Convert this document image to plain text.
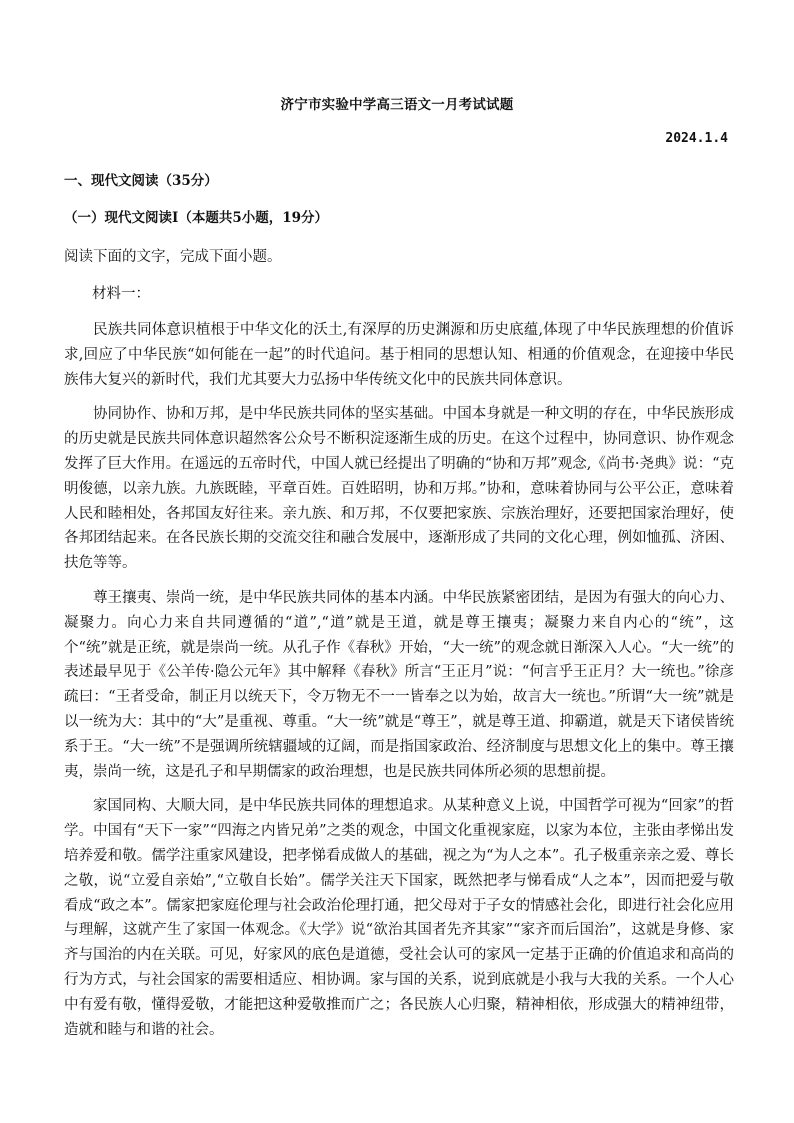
济宁市实验中学高三语文一月考试试题
2024.1.4
一、现代文阅读（35分）
（一）现代文阅读Ⅰ（本题共5小题，19分）
阅读下面的文字，完成下面小题。
材料一：

民族共同体意识植根于中华文化的沃土,有深厚的历史渊源和历史底蕴,体现了中华民族理想的价值诉求,回应了中华民族“如何能在一起”的时代追问。基于相同的思想认知、相通的价值观念，在迎接中华民族伟大复兴的新时代，我们尤其要大力弘扬中华传统文化中的民族共同体意识。

协同协作、协和万邦，是中华民族共同体的坚实基础。中国本身就是一种文明的存在，中华民族形成的历史就是民族共同体意识超然客公众号不断积淀逐渐生成的历史。在这个过程中，协同意识、协作观念发挥了巨大作用。在遥远的五帝时代，中国人就已经提出了明确的“协和万邦”观念,《尚书·尧典》说：“克明俊德，以亲九族。九族既睦，平章百姓。百姓昭明，协和万邦。”协和，意味着协同与公平公正，意味着人民和睦相处，各邦国友好往来。亲九族、和万邦，不仅要把家族、宗族治理好，还要把国家治理好，使各邦团结起来。在各民族长期的交流交往和融合发展中，逐渐形成了共同的文化心理，例如恤孤、济困、扶危等等。

尊王攘夷、崇尚一统，是中华民族共同体的基本内涵。中华民族紧密团结，是因为有强大的向心力、凝聚力。向心力来自共同遵循的“道”,“道”就是王道，就是尊王攘夷；凝聚力来自内心的“统”，这个“统”就是正统，就是崇尚一统。从孔子作《春秋》开始，“大一统”的观念就日渐深入人心。“大一统”的表述最早见于《公羊传·隐公元年》其中解释《春秋》所言“王正月”说：“何言乎王正月？大一统也。”徐彦疏曰：“王者受命，制正月以统天下，令万物无不一一皆奉之以为始，故言大一统也。”所谓“大一统”就是以一统为大：其中的“大”是重视、尊重。“大一统”就是“尊王”，就是尊王道、抑霸道，就是天下诸侯皆统系于王。“大一统”不是强调所统辖疆域的辽阔，而是指国家政治、经济制度与思想文化上的集中。尊王攘夷，崇尚一统，这是孔子和早期儒家的政治理想，也是民族共同体所必须的思想前提。

家国同构、大顺大同，是中华民族共同体的理想追求。从某种意义上说，中国哲学可视为“回家”的哲学。中国有“天下一家”“四海之内皆兄弟”之类的观念，中国文化重视家庭，以家为本位，主张由孝悌出发培养爱和敬。儒学注重家风建设，把孝悌看成做人的基础，视之为“为人之本”。孔子极重亲亲之爱、尊长之敬，说“立爱自亲始”,“立敬自长始”。儒学关注天下国家，既然把孝与悌看成“人之本”，因而把爱与敬看成“政之本”。儒家把家庭伦理与社会政治伦理打通，把父母对于子女的情感社会化，即进行社会化应用与理解，这就产生了家国一体观念。《大学》说“欲治其国者先齐其家”“家齐而后国治”，这就是身修、家齐与国治的内在关联。可见，好家风的底色是道德，受社会认可的家风一定基于正确的价值追求和高尚的行为方式，与社会国家的需要相适应、相协调。家与国的关系，说到底就是小我与大我的关系。一个人心中有爱有敬，懂得爱敬，才能把这种爱敬推而广之；各民族人心归聚，精神相依，形成强大的精神纽带，造就和睦与和谐的社会。
